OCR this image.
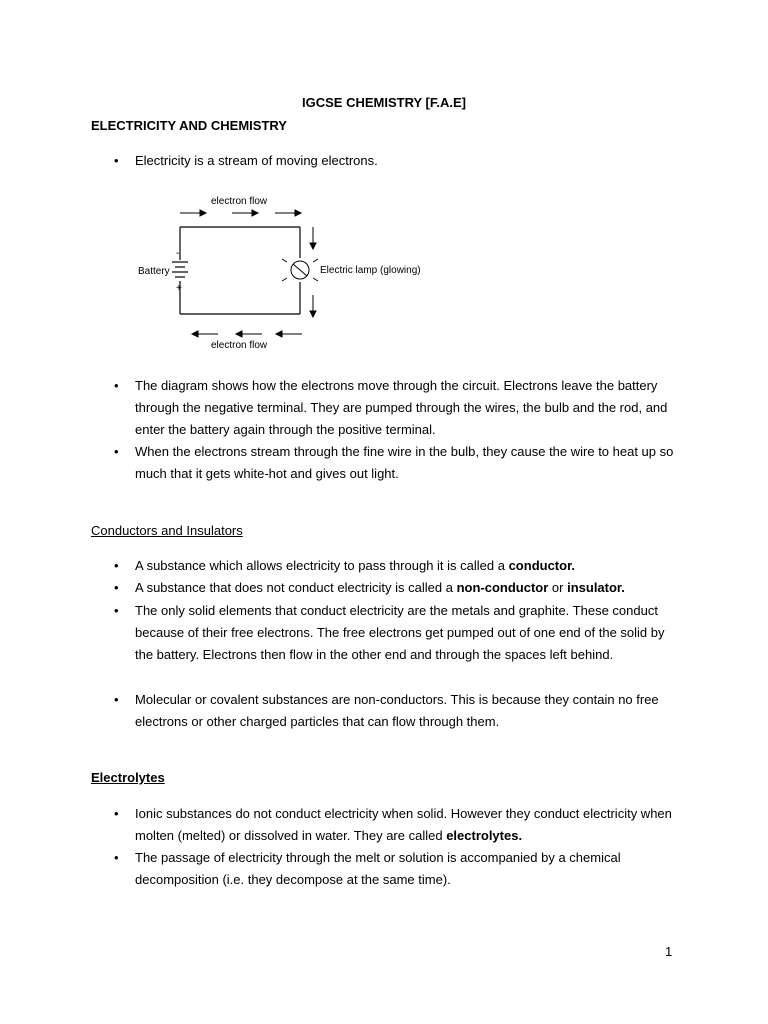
IGCSE CHEMISTRY [F.A.E]
ELECTRICITY AND CHEMISTRY
• Electricity is a stream of moving electrons.
electron flow
Battery
-
+
Electric lamp (glowing)
electron flow
• The diagram shows how the electrons move through the circuit. Electrons leave the battery through the negative terminal. They are pumped through the wires, the bulb and the rod, and enter the battery again through the positive terminal.
• When the electrons stream through the fine wire in the bulb, they cause the wire to heat up so much that it gets white-hot and gives out light.
Conductors and Insulators
• A substance which allows electricity to pass through it is called a conductor.
• A substance that does not conduct electricity is called a non-conductor or insulator.
• The only solid elements that conduct electricity are the metals and graphite. These conduct because of their free electrons. The free electrons get pumped out of one end of the solid by the battery. Electrons then flow in the other end and through the spaces left behind.
• Molecular or covalent substances are non-conductors. This is because they contain no free electrons or other charged particles that can flow through them.
Electrolytes
• Ionic substances do not conduct electricity when solid. However they conduct electricity when molten (melted) or dissolved in water. They are called electrolytes.
• The passage of electricity through the melt or solution is accompanied by a chemical decomposition (i.e. they decompose at the same time).
1
